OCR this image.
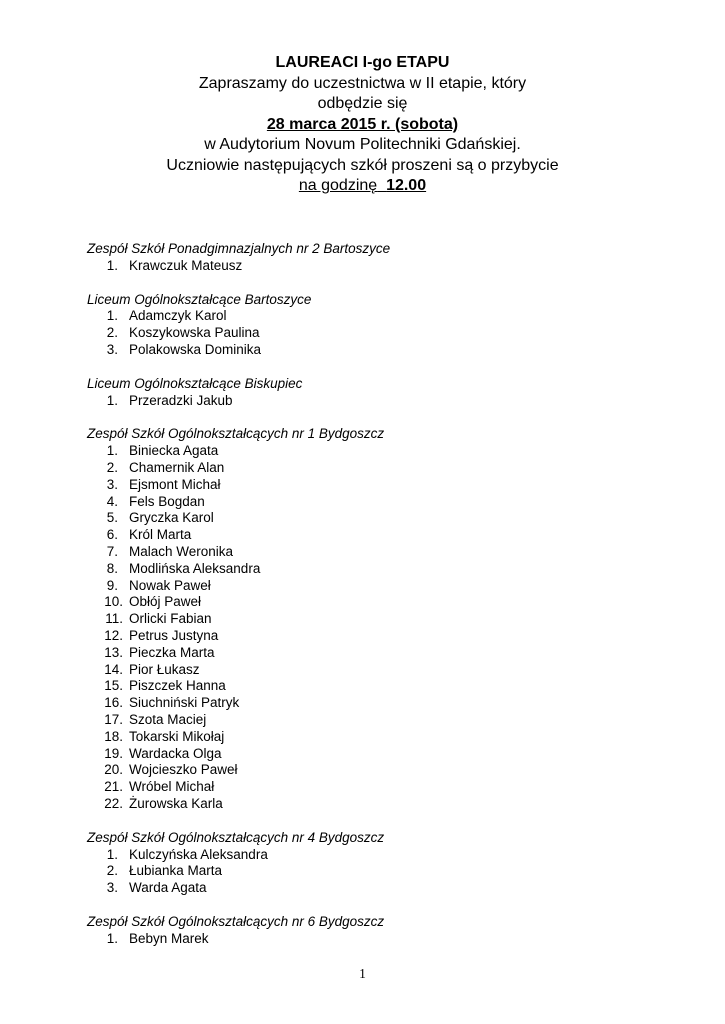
LAUREACI I-go ETAPU
Zapraszamy do uczestnictwa w II etapie, który
odbędzie się
28 marca 2015 r. (sobota)
w Audytorium Novum Politechniki Gdańskiej.
Uczniowie następujących szkół proszeni są o przybycie
na godzinę 12.00
Zespół Szkół Ponadgimnazjalnych nr 2 Bartoszyce
1. Krawczuk Mateusz
Liceum Ogólnokształcące Bartoszyce
1. Adamczyk Karol
2. Koszykowska Paulina
3. Polakowska Dominika
Liceum Ogólnokształcące Biskupiec
1. Przeradzki Jakub
Zespół Szkół Ogólnokształcących nr 1 Bydgoszcz
1. Biniecka Agata
2. Chamernik Alan
3. Ejsmont Michał
4. Fels Bogdan
5. Gryczka Karol
6. Król Marta
7. Malach Weronika
8. Modlińska Aleksandra
9. Nowak Paweł
10. Obłój Paweł
11. Orlicki Fabian
12. Petrus Justyna
13. Pieczka Marta
14. Pior Łukasz
15. Piszczek Hanna
16. Siuchniński Patryk
17. Szota Maciej
18. Tokarski Mikołaj
19. Wardacka Olga
20. Wojcieszko Paweł
21. Wróbel Michał
22. Żurowska Karla
Zespół Szkół Ogólnokształcących nr 4 Bydgoszcz
1. Kulczyńska Aleksandra
2. Łubianka Marta
3. Warda Agata
Zespół Szkół Ogólnokształcących nr 6 Bydgoszcz
1. Bebyn Marek
1
